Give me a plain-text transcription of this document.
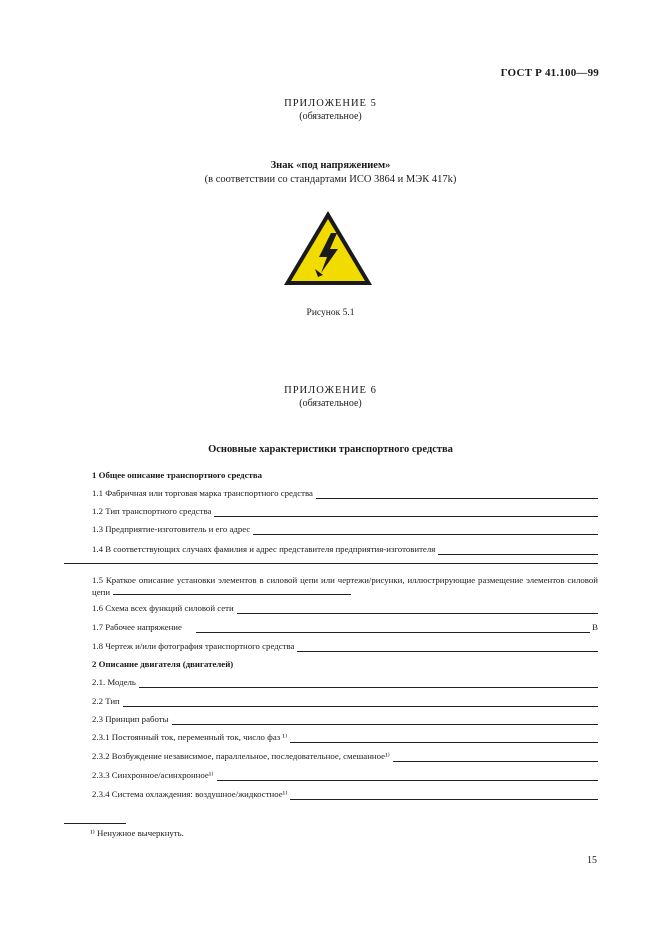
ГОСТ Р 41.100—99
ПРИЛОЖЕНИЕ 5
(обязательное)
Знак «под напряжением»
(в соответствии со стандартами ИСО 3864 и МЭК 417k)
Рисунок 5.1
ПРИЛОЖЕНИЕ 6
(обязательное)
Основные характеристики транспортного средства
1 Общее описание транспортного средства
1.1 Фабричная или торговая марка транспортного средства
1.2 Тип транспортного средства
1.3 Предприятие-изготовитель и его адрес
1.4 В соответствующих случаях фамилия и адрес представителя предприятия-изготовителя
1.5 Краткое описание установки элементов в силовой цепи или чертежи/рисунки, иллюстрирующие размещение элементов силовой цепи
1.6 Схема всех функций силовой сети
1.7 Рабочее напряжение	В
1.8 Чертеж и/или фотография транспортного средства
2 Описание двигателя (двигателей)
2.1. Модель
2.2 Тип
2.3 Принцип работы
2.3.1 Постоянный ток, переменный ток, число фаз ¹⁾
2.3.2 Возбуждение независимое, параллельное, последовательное, смешанное¹⁾
2.3.3 Синхронное/асинхронное¹⁾
2.3.4 Система охлаждения: воздушное/жидкостное¹⁾
¹⁾ Ненужное вычеркнуть.
15
